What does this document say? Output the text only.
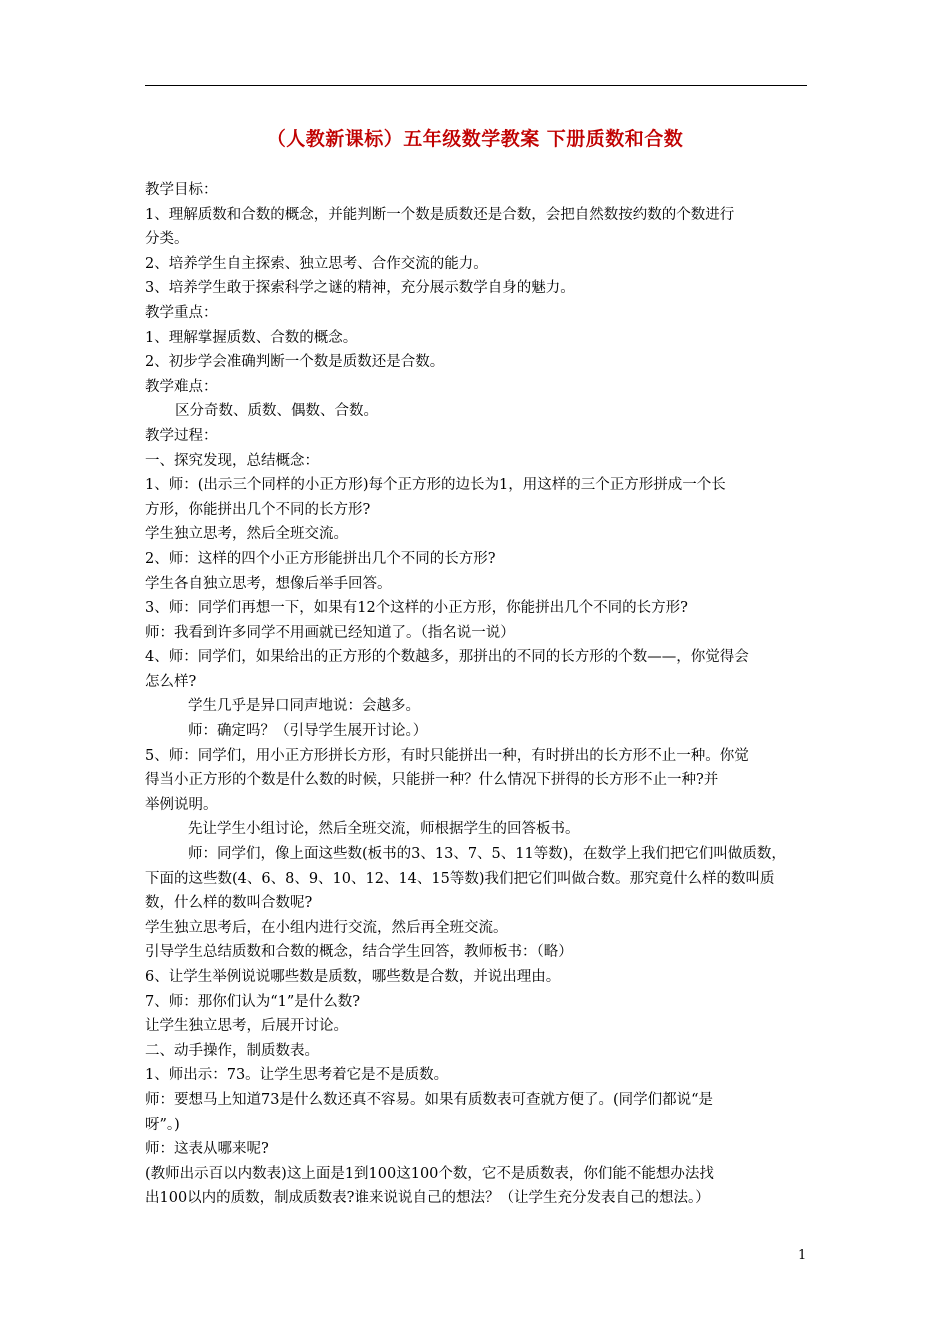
（人教新课标）五年级数学教案 下册质数和合数

教学目标：

1、理解质数和合数的概念，并能判断一个数是质数还是合数，会把自然数按约数的个数进行

分类。

2、培养学生自主探索、独立思考、合作交流的能力。

3、培养学生敢于探索科学之谜的精神，充分展示数学自身的魅力。

教学重点：

1、理解掌握质数、合数的概念。

2、初步学会准确判断一个数是质数还是合数。

教学难点：

区分奇数、质数、偶数、合数。

教学过程：

一、探究发现，总结概念：

1、师：(出示三个同样的小正方形)每个正方形的边长为1，用这样的三个正方形拼成一个长

方形，你能拼出几个不同的长方形?

学生独立思考，然后全班交流。

2、师：这样的四个小正方形能拼出几个不同的长方形?

学生各自独立思考，想像后举手回答。

3、师：同学们再想一下，如果有12个这样的小正方形，你能拼出几个不同的长方形?

师：我看到许多同学不用画就已经知道了。（指名说一说）

4、师：同学们，如果给出的正方形的个数越多，那拼出的不同的长方形的个数——，你觉得会

怎么样?

学生几乎是异口同声地说：会越多。

师：确定吗？（引导学生展开讨论。）

5、师：同学们，用小正方形拼长方形，有时只能拼出一种，有时拼出的长方形不止一种。你觉

得当小正方形的个数是什么数的时候，只能拼一种？什么情况下拼得的长方形不止一种?并

举例说明。

先让学生小组讨论，然后全班交流，师根据学生的回答板书。

师：同学们，像上面这些数(板书的3、13、7、5、11等数)，在数学上我们把它们叫做质数，

下面的这些数(4、6、8、9、10、12、14、15等数)我们把它们叫做合数。那究竟什么样的数叫质

数，什么样的数叫合数呢?

学生独立思考后，在小组内进行交流，然后再全班交流。

引导学生总结质数和合数的概念，结合学生回答，教师板书：（略）

6、让学生举例说说哪些数是质数，哪些数是合数，并说出理由。

7、师：那你们认为“1”是什么数?

让学生独立思考，后展开讨论。

二、动手操作，制质数表。

1、师出示：73。让学生思考着它是不是质数。

师：要想马上知道73是什么数还真不容易。如果有质数表可查就方便了。(同学们都说“是

呀”。)

师：这表从哪来呢?

(教师出示百以内数表)这上面是1到100这100个数，它不是质数表，你们能不能想办法找

出100以内的质数，制成质数表?谁来说说自己的想法？（让学生充分发表自己的想法。）

1
